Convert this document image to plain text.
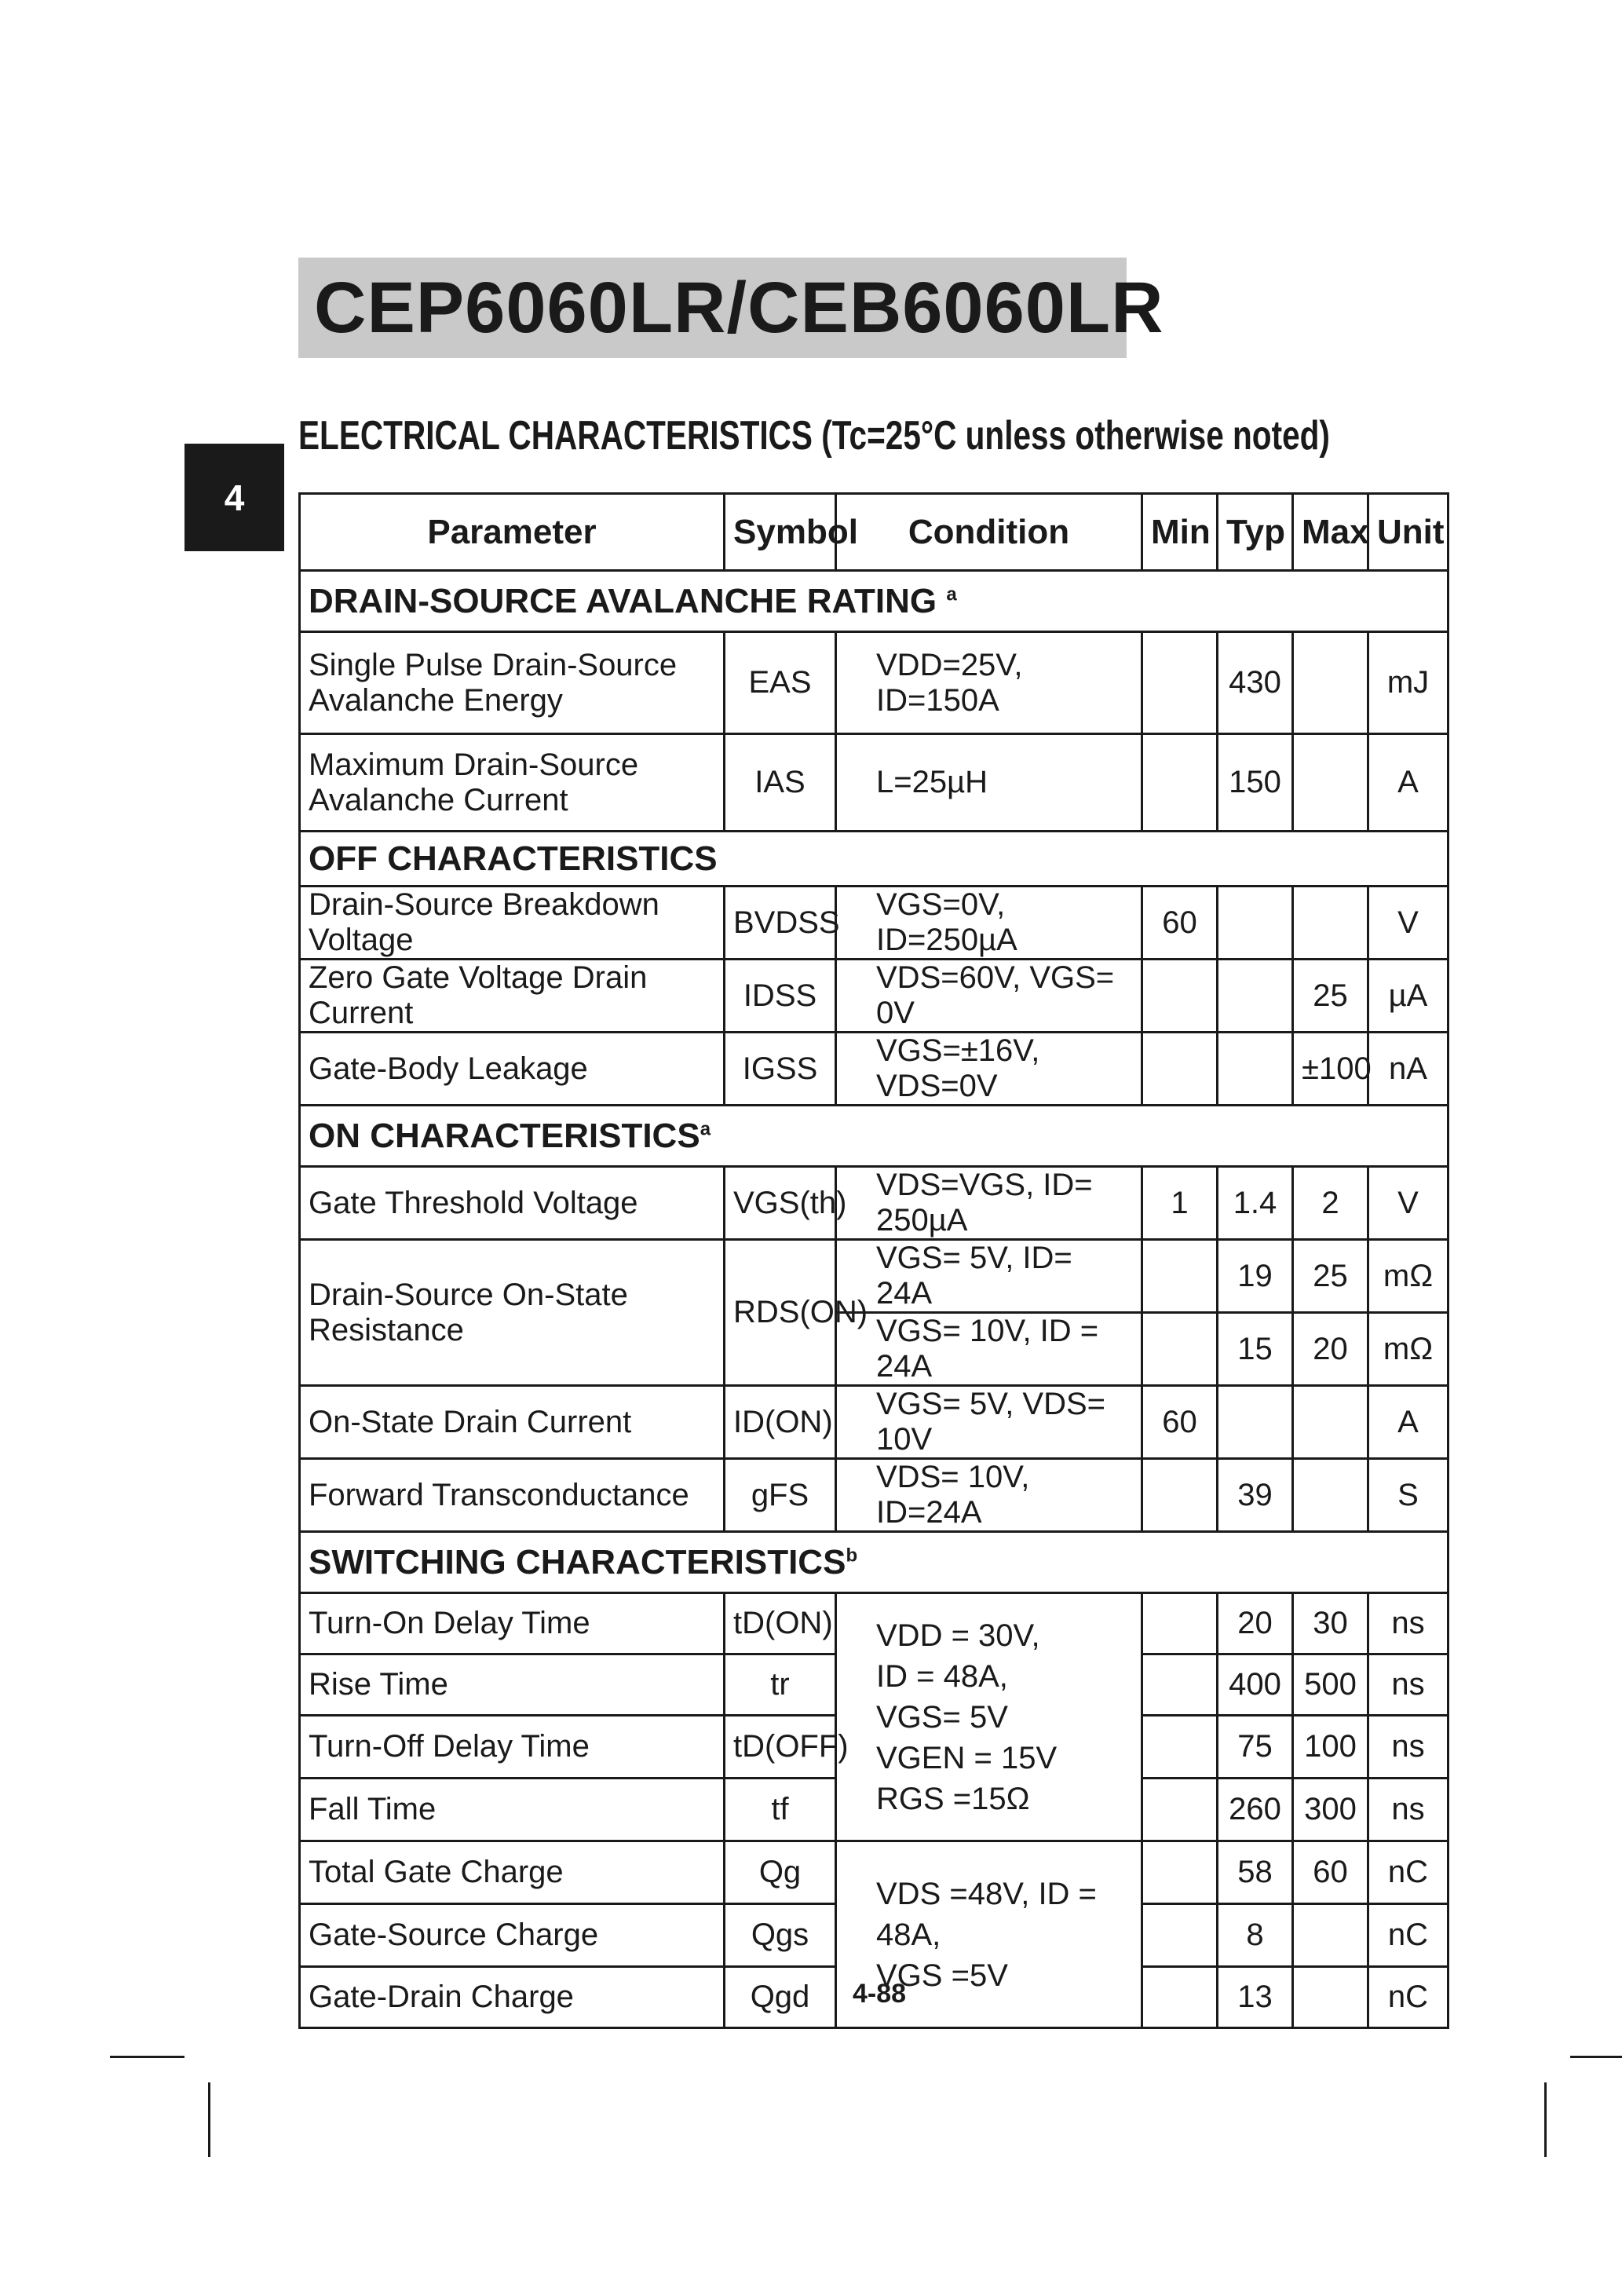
CEP6060LR/CEB6060LR
4
ELECTRICAL CHARACTERISTICS (Tc=25°C unless otherwise noted)
Parameter	Symbol	Condition	Min	Typ	Max	Unit
DRAIN-SOURCE AVALANCHE RATING $^a$

Single Pulse Drain-Source
Avalanche Energy	EAS	VDD=25V, ID=150A		430		mJ

Maximum Drain-Source
Avalanche Current	IAS	L=25µH		150		A
OFF CHARACTERISTICS						
Drain-Source Breakdown Voltage	BVDSS	VGS=0V, ID=250µA	60			V
Zero Gate Voltage Drain Current	IDSS	VDS=60V, VGS= 0V			25	µA
Gate-Body Leakage	IGSS	VGS=±16V, VDS=0V			±100	nA
ON CHARACTERISTICS$^a$
Gate Threshold Voltage	VGS(th)	VDS=VGS, ID= 250µA	1	1.4	2	V
Drain-Source On-State Resistance	RDS(ON)	VGS= 5V, ID= 24A		19	25	mΩ
		VGS= 10V, ID = 24A		15	20	mΩ
On-State Drain Current	ID(ON)	VGS= 5V, VDS= 10V	60			A
Forward Transconductance	gFS	VDS= 10V, ID=24A		39		S
SWITCHING CHARACTERISTICS$^b$
Turn-On Delay Time	tD(ON)	VDD = 30V,
ID = 48A,
VGS= 5V
VGEN = 15V
RGS =15Ω		20	30	ns
Rise Time	tr			400	500	ns
Turn-Off Delay Time	tD(OFF)			75	100	ns
Fall Time	tf			260	300	ns
Total Gate Charge	Qg	VDS =48V, ID = 48A,
VGS =5V		58	60	nC
Gate-Source Charge	Qgs			8		nC
Gate-Drain Charge	Qgd			13		nC
4-88
